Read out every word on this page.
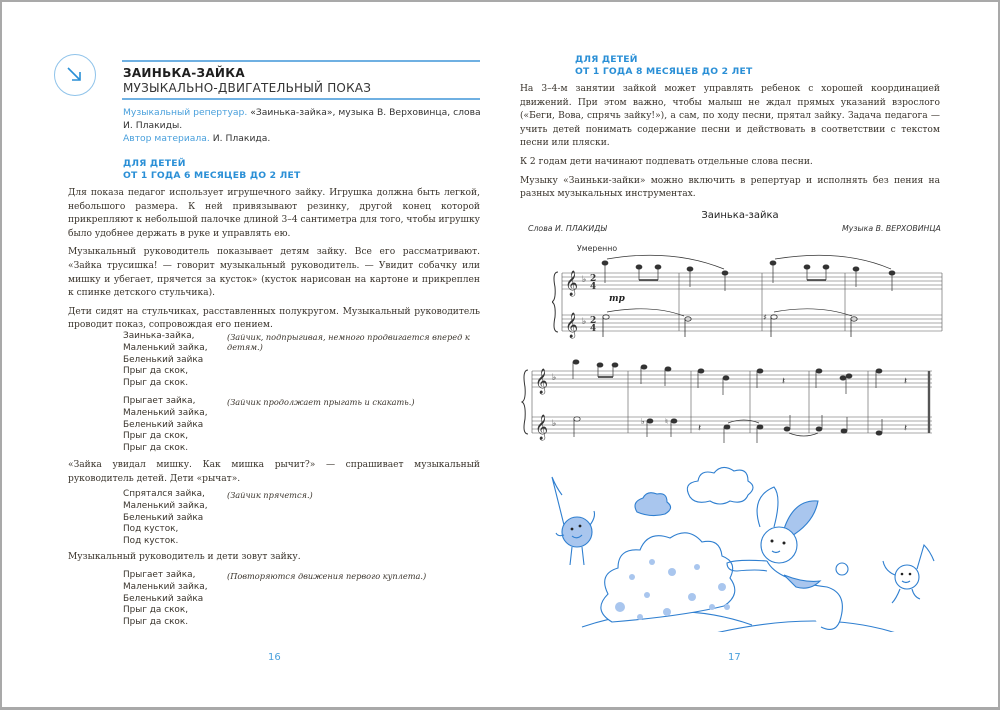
ЗАИНЬКА-ЗАЙКА
МУЗЫКАЛЬНО-ДВИГАТЕЛЬНЫЙ ПОКАЗ
Музыкальный репертуар. «Заинька-зайка», музыка В. Верховинца, слова И. Плакиды.
Автор материала. И. Плакида.
ДЛЯ ДЕТЕЙ
ОТ 1 ГОДА 6 МЕСЯЦЕВ ДО 2 ЛЕТ

Для показа педагог использует игрушечного зайку. Игрушка должна быть легкой, небольшого размера. К ней привязывают резинку, другой конец которой прикрепляют к небольшой палочке длиной 3–4 сантиметра для того, чтобы игрушку было удобнее держать в руке и управлять ею.

Музыкальный руководитель показывает детям зайку. Все его рассматривают. «Зайка трусишка! — говорит музыкальный руководитель. — Увидит собачку или мишку и убегает, прячется за кусток» (кусток нарисован на картоне и прикреплен к спинке детского стульчика).

Дети сидят на стульчиках, расставленных полукругом. Музыкальный руководитель проводит показ, сопровождая его пением.

Заинька-зайка,
Маленький зайка,
Беленький зайка
Прыг да скок,
Прыг да скок.
(Зайчик, подпрыгивая, немного продвигается вперед к детям.)
Прыгает зайка,
Маленький зайка,
Беленький зайка
Прыг да скок,
Прыг да скок.
(Зайчик продолжает прыгать и скакать.)

«Зайка увидал мишку. Как мишка рычит?» — спрашивает музыкальный руководитель детей. Дети «рычат».

Спрятался зайка,
Маленький зайка,
Беленький зайка
Под кусток,
Под кусток.
(Зайчик прячется.)

Музыкальный руководитель и дети зовут зайку.

Прыгает зайка,
Маленький зайка,
Беленький зайка
Прыг да скок,
Прыг да скок.
(Повторяются движения первого куплета.)
16
ДЛЯ ДЕТЕЙ
ОТ 1 ГОДА 8 МЕСЯЦЕВ ДО 2 ЛЕТ

На 3–4-м занятии зайкой может управлять ребенок с хорошей координацией движений. При этом важно, чтобы малыш не ждал прямых указаний взрослого («Беги, Вова, спрячь зайку!»), а сам, по ходу песни, прятал зайку. Задача педагога — учить детей понимать содержание песни и действовать в соответствии с текстом песни или пляски.

К 2 годам дети начинают подпевать отдельные слова песни.

Музыку «Заиньки-зайки» можно включить в репертуар и исполнять без пения на разных музыкальных инструментах.

Заинька-зайка
Слова И. ПЛАКИДЫ	Музыка В. ВЕРХОВИНЦА
Умеренно
mp
𝄞
𝄞
♭
♭
2
4
2
4
♯
𝄞
𝄞
♭
♭
𝄽	𝄽
𝄽	𝄽
♭	♮
17
